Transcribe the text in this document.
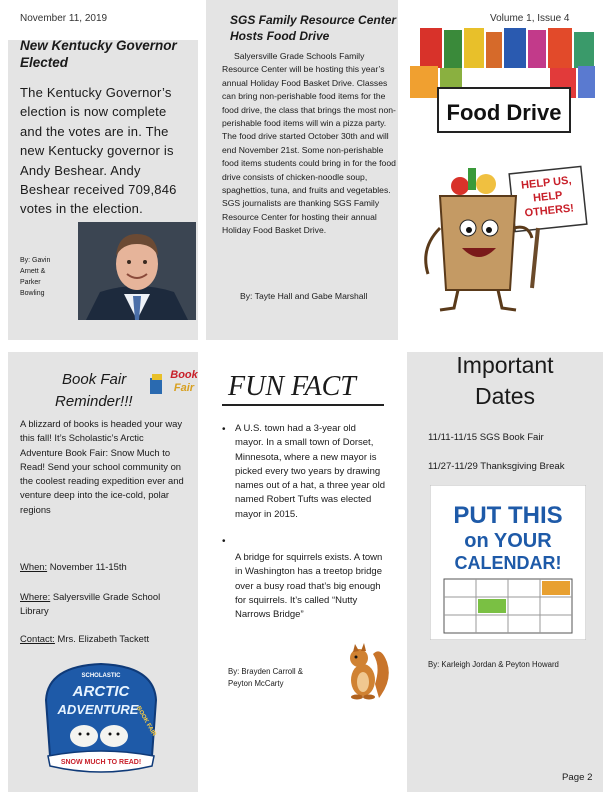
November 11, 2019	Volume 1, Issue 4
New Kentucky Governor Elected
The Kentucky Governor’s election is now complete and the votes are in. The new Kentucky governor is Andy Beshear. Andy Beshear received 709,846 votes in the election.
By: Gavin Arnett & Parker Bowling
SGS Family Resource Center Hosts Food Drive
Salyersville Grade Schools Family Resource Center will be hosting this year’s annual Holiday Food Basket Drive. Classes can bring non-perishable food items for the food drive, the class that brings the most non-perishable food items will win a pizza party. The food drive started October 30th and will end November 21st. Some non-perishable food items students could bring in for the food drive consists of chicken-noodle soup, spaghettios, tuna, and fruits and vegetables. SGS journalists are thanking SGS Family Resource Center for hosting their annual Holiday Food Basket Drive.
By: Tayte Hall and Gabe Marshall
Food Drive
HELP US,
HELP
OTHERS!
Book Fair
Reminder!!!
Book
Fair
A blizzard of books is headed your way this fall! It’s Scholastic’s Arctic Adventure Book Fair: Snow Much to Read! Send your school community on the coolest reading expedition ever and venture deep into the ice-cold, polar regions
When: November 11-15th
Where: Salyersville Grade School Library
Contact: Mrs. Elizabeth Tackett
SCHOLASTIC
ARCTIC
ADVENTURE
BOOK FAIR
SNOW MUCH TO READ!
FUN FACT
• A U.S. town had a 3-year old mayor. In a small town of Dorset, Minnesota, where a new mayor is picked every two years by drawing names out of a hat, a three year old named Robert Tufts was elected mayor in 2015.
•
A bridge for squirrels exists. A town in Washington has a treetop bridge over a busy road that’s big enough for squirrels. It’s called “Nutty Narrows Bridge”
By: Brayden Carroll & Peyton McCarty
Important
Dates
11/11-11/15 SGS Book Fair
11/27-11/29 Thanksgiving Break
PUT THIS
on YOUR
CALENDAR!
By: Karleigh Jordan & Peyton Howard
Page 2
